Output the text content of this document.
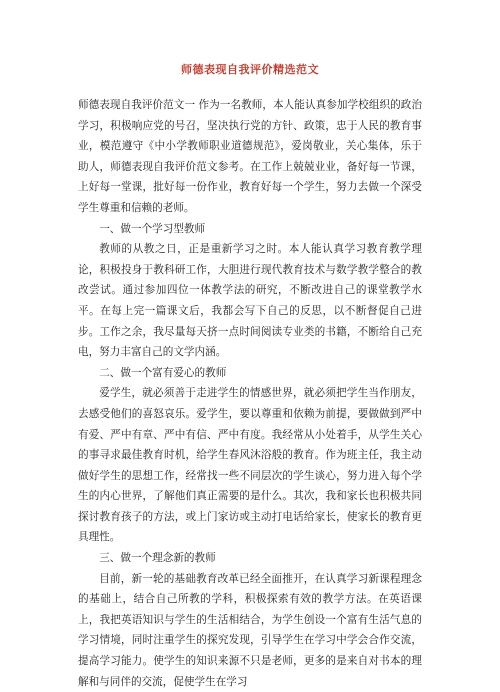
师德表现自我评价精选范文

师德表现自我评价范文一 作为一名教师，本人能认真参加学校组织的政治学习，积极响应党的号召，坚决执行党的方针、政策，忠于人民的教育事业，模范遵守《中小学教师职业道德规范》，爱岗敬业，关心集体，乐于助人，师德表现自我评价范文参考。在工作上兢兢业业，备好每一节课，上好每一堂课，批好每一份作业，教育好每一个学生，努力去做一个深受学生尊重和信赖的老师。

一、做一个学习型教师

教师的从教之日，正是重新学习之时。本人能认真学习教育教学理论，积极投身于教科研工作，大胆进行现代教育技术与数学教学整合的教改尝试。通过参加四位一体教学法的研究，不断改进自己的课堂教学水平。在每上完一篇课文后，我都会写下自己的反思，以不断督促自己进步。工作之余，我尽量每天挤一点时间阅读专业类的书籍，不断给自己充电，努力丰富自己的文学内涵。

二、做一个富有爱心的教师

爱学生，就必须善于走进学生的情感世界，就必须把学生当作朋友，去感受他们的喜怒哀乐。爱学生，要以尊重和依赖为前提，要做做到严中有爱、严中有章、严中有信、严中有度。我经常从小处着手，从学生关心的事寻求最佳教育时机，给学生春风沐浴般的教育。作为班主任，我主动做好学生的思想工作，经常找一些不同层次的学生谈心，努力进入每个学生的内心世界，了解他们真正需要的是什么。其次，我和家长也积极共同探讨教育孩子的方法，或上门家访或主动打电话给家长，使家长的教育更具理性。

三、做一个理念新的教师

目前，新一轮的基础教育改革已经全面推开，在认真学习新课程理念的基础上，结合自己所教的学科，积极探索有效的教学方法。在英语课上，我把英语知识与学生的生活相结合，为学生创设一个富有生活气息的学习情境，同时注重学生的探究发现，引导学生在学习中学会合作交流，提高学习能力。使学生的知识来源不只是老师，更多的是来自对书本的理解和与同伴的交流，促使学生在学习
